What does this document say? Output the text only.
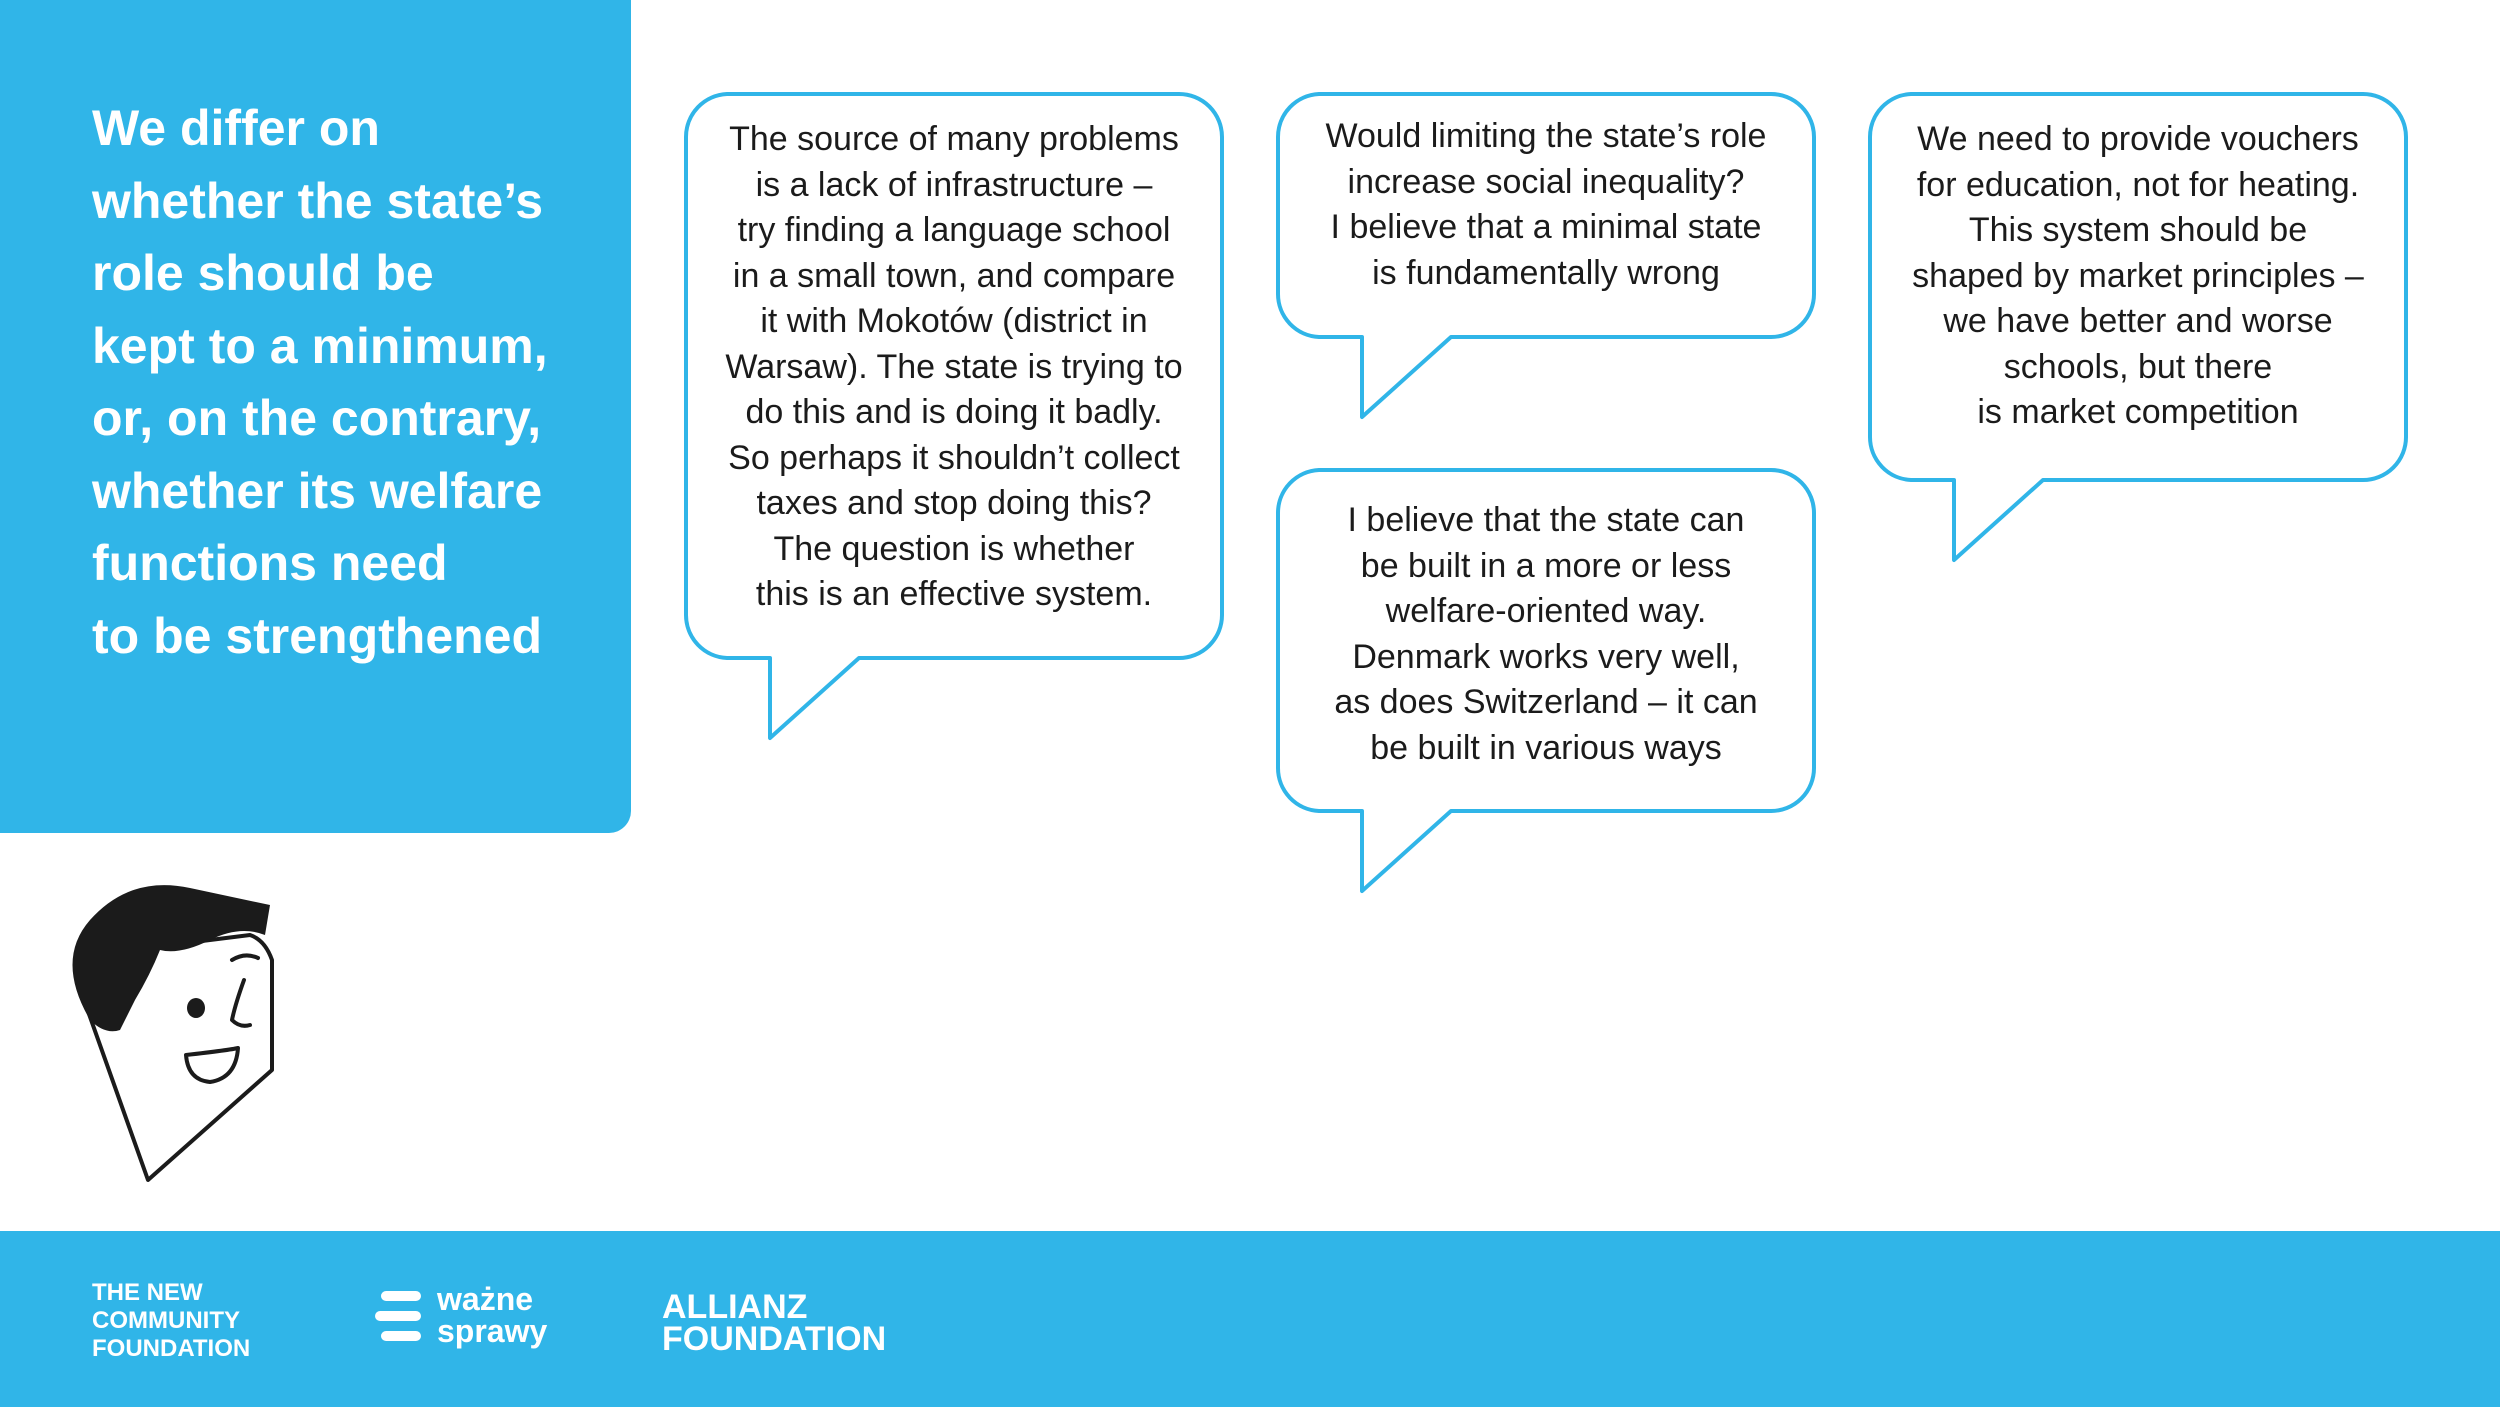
We differ on
whether the state’s
role should be
kept to a minimum,
or, on the contrary,
whether its welfare
functions need
to be strengthened
The source of many problems
is a lack of infrastructure –
try finding a language school
in a small town, and compare
it with Mokotów (district in
Warsaw). The state is trying to
do this and is doing it badly.
So perhaps it shouldn’t collect
taxes and stop doing this?
The question is whether
this is an effective system.
Would limiting the state’s role
increase social inequality?
I believe that a minimal state
is fundamentally wrong
I believe that the state can
be built in a more or less
welfare-oriented way.
Denmark works very well,
as does Switzerland – it can
be built in various ways
We need to provide vouchers
for education, not for heating.
This system should be
shaped by market principles –
we have better and worse
schools, but there
is market competition
THE NEW
COMMUNITY
FOUNDATION
ważne
sprawy
ALLIANZ
FOUNDATION
